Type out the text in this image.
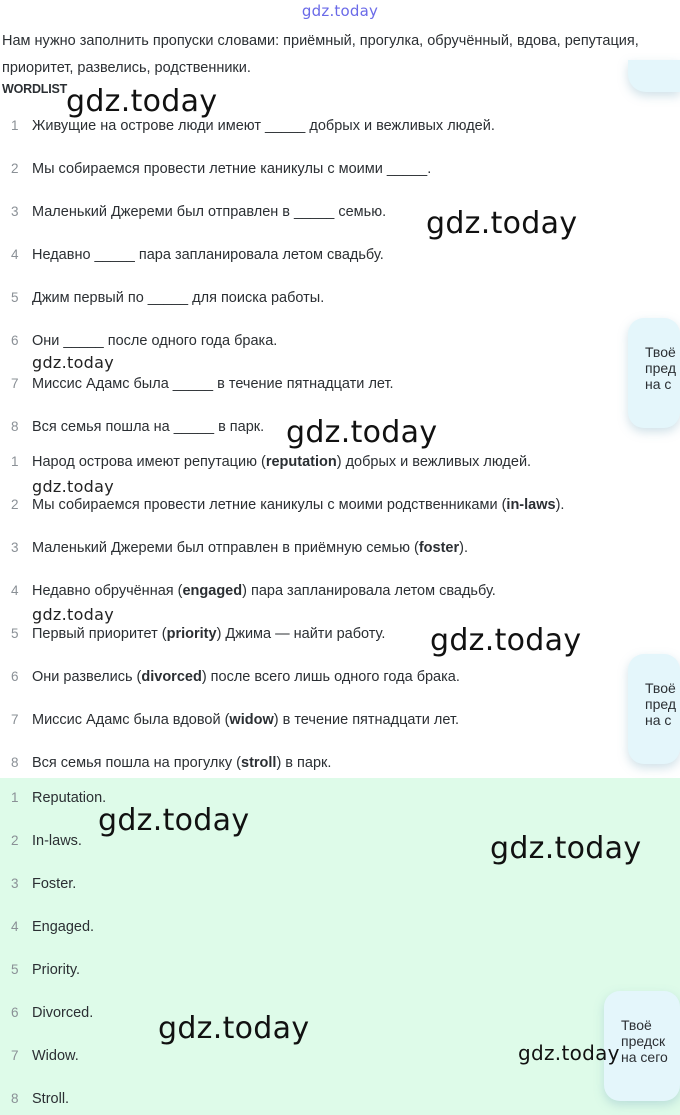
gdz.today
Нам нужно заполнить пропуски словами: приёмный, прогулка, обручённый, вдова, репутация, приоритет, развелись, родственники.
WORDLIST
1 Живущие на острове люди имеют _____ добрых и вежливых людей.
2 Мы собираемся провести летние каникулы с моими _____.
3 Маленький Джереми был отправлен в _____ семью.
4 Недавно _____ пара запланировала летом свадьбу.
5 Джим первый по _____ для поиска работы.
6 Они _____ после одного года брака.
7 Миссис Адамс была _____ в течение пятнадцати лет.
8 Вся семья пошла на _____ в парк.
1 Народ острова имеют репутацию (reputation) добрых и вежливых людей.
2 Мы собираемся провести летние каникулы с моими родственниками (in-laws).
3 Маленький Джереми был отправлен в приёмную семью (foster).
4 Недавно обручённая (engaged) пара запланировала летом свадьбу.
5 Первый приоритет (priority) Джима — найти работу.
6 Они развелись (divorced) после всего лишь одного года брака.
7 Миссис Адамс была вдовой (widow) в течение пятнадцати лет.
8 Вся семья пошла на прогулку (stroll) в парк.
1 Reputation.
2 In-laws.
3 Foster.
4 Engaged.
5 Priority.
6 Divorced.
7 Widow.
8 Stroll.
Твоё
пред
на с
Твоё
пред
на с
Твоё
предск
на сего
gdz.today
gdz.today
gdz.today
gdz.today
gdz.today
gdz.today
gdz.today
gdz.today
gdz.today
gdz.today
gdz.today
